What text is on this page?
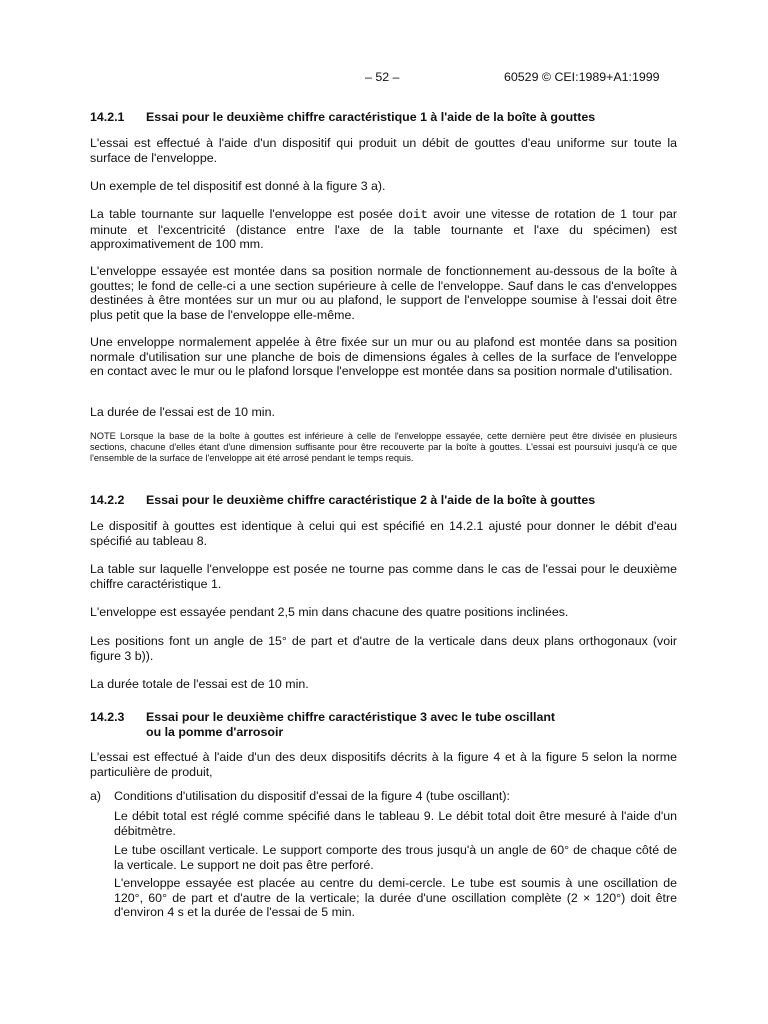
– 52 –	60529 © CEI:1989+A1:1999
14.2.1 Essai pour le deuxième chiffre caractéristique 1 à l'aide de la boîte à gouttes
L'essai est effectué à l'aide d'un dispositif qui produit un débit de gouttes d'eau uniforme sur toute la surface de l'enveloppe.
Un exemple de tel dispositif est donné à la figure 3 a).
La table tournante sur laquelle l'enveloppe est posée doit avoir une vitesse de rotation de 1 tour par minute et l'excentricité (distance entre l'axe de la table tournante et l'axe du spécimen) est approximativement de 100 mm.
L'enveloppe essayée est montée dans sa position normale de fonctionnement au-dessous de la boîte à gouttes; le fond de celle-ci a une section supérieure à celle de l'enveloppe. Sauf dans le cas d'enveloppes destinées à être montées sur un mur ou au plafond, le support de l'enveloppe soumise à l'essai doit être plus petit que la base de l'enveloppe elle-même.
Une enveloppe normalement appelée à être fixée sur un mur ou au plafond est montée dans sa position normale d'utilisation sur une planche de bois de dimensions égales à celles de la surface de l'enveloppe en contact avec le mur ou le plafond lorsque l'enveloppe est montée dans sa position normale d'utilisation.
La durée de l'essai est de 10 min.
NOTE Lorsque la base de la boîte à gouttes est inférieure à celle de l'enveloppe essayée, cette dernière peut être divisée en plusieurs sections, chacune d'elles étant d'une dimension suffisante pour être recouverte par la boîte à gouttes. L'essai est poursuivi jusqu'à ce que l'ensemble de la surface de l'enveloppe ait été arrosé pendant le temps requis.
14.2.2 Essai pour le deuxième chiffre caractéristique 2 à l'aide de la boîte à gouttes
Le dispositif à gouttes est identique à celui qui est spécifié en 14.2.1 ajusté pour donner le débit d'eau spécifié au tableau 8.
La table sur laquelle l'enveloppe est posée ne tourne pas comme dans le cas de l'essai pour le deuxième chiffre caractéristique 1.
L'enveloppe est essayée pendant 2,5 min dans chacune des quatre positions inclinées.
Les positions font un angle de 15° de part et d'autre de la verticale dans deux plans orthogonaux (voir figure 3 b)).
La durée totale de l'essai est de 10 min.
14.2.3 Essai pour le deuxième chiffre caractéristique 3 avec le tube oscillant
ou la pomme d'arrosoir
L'essai est effectué à l'aide d'un des deux dispositifs décrits à la figure 4 et à la figure 5 selon la norme particulière de produit,
a) Conditions d'utilisation du dispositif d'essai de la figure 4 (tube oscillant):
Le débit total est réglé comme spécifié dans le tableau 9. Le débit total doit être mesuré à l'aide d'un débitmètre.
Le tube oscillant verticale. Le support comporte des trous jusqu'à un angle de 60° de chaque côté de la verticale. Le support ne doit pas être perforé.
L'enveloppe essayée est placée au centre du demi-cercle. Le tube est soumis à une oscillation de 120°, 60° de part et d'autre de la verticale; la durée d'une oscillation complète (2 × 120°) doit être d'environ 4 s et la durée de l'essai de 5 min.
